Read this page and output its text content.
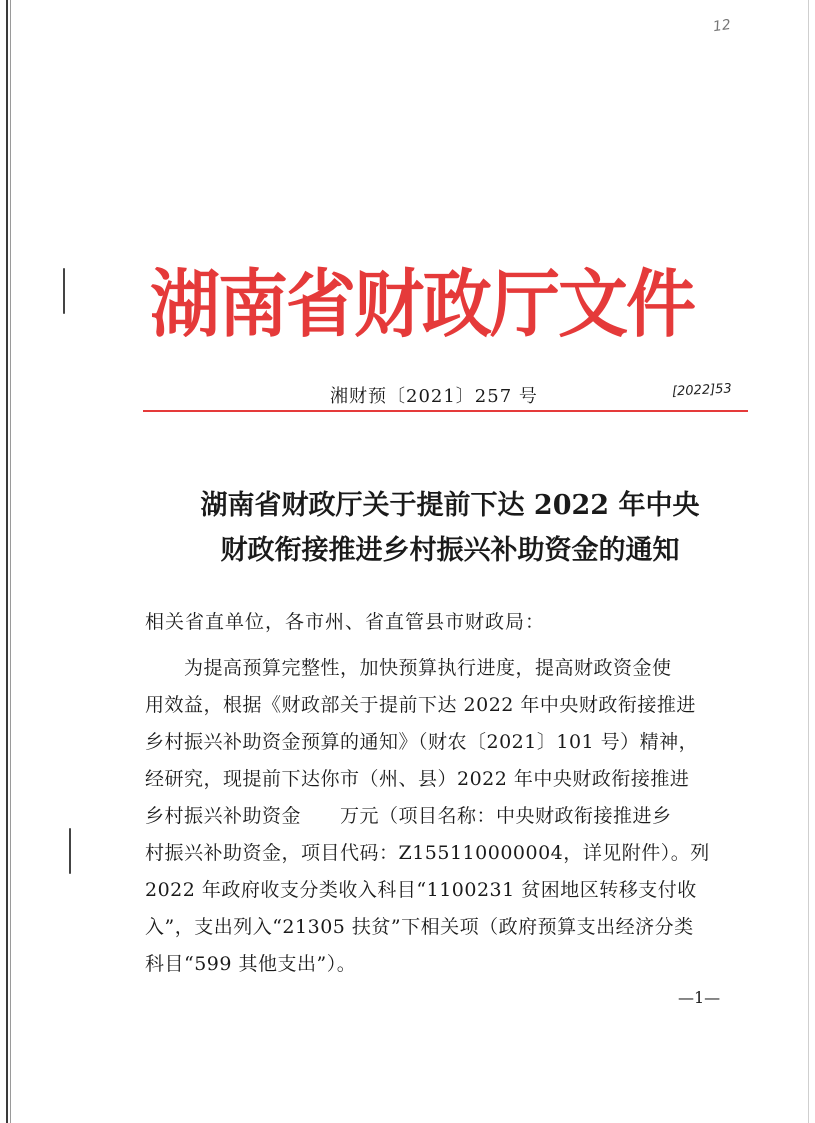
12
湖南省财政厅文件
湘财预〔2021〕257 号	[2022]53
湖南省财政厅关于提前下达 2022 年中央
财政衔接推进乡村振兴补助资金的通知
相关省直单位，各市州、省直管县市财政局：
　　为提高预算完整性，加快预算执行进度，提高财政资金使
用效益，根据《财政部关于提前下达 2022 年中央财政衔接推进
乡村振兴补助资金预算的通知》（财农〔2021〕101 号）精神，
经研究，现提前下达你市（州、县）2022 年中央财政衔接推进
乡村振兴补助资金　　万元（项目名称：中央财政衔接推进乡
村振兴补助资金，项目代码：Z155110000004，详见附件）。列
2022 年政府收支分类收入科目“1100231 贫困地区转移支付收
入”，支出列入“21305 扶贫”下相关项（政府预算支出经济分类
科目“599 其他支出”）。
—1—
